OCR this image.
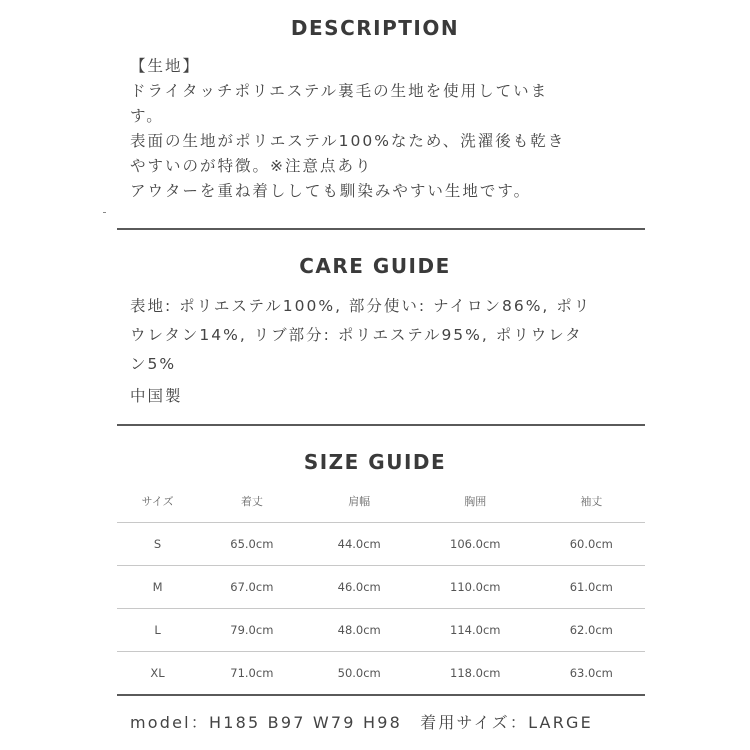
DESCRIPTION
【生地】
ドライタッチポリエステル裏毛の生地を使用していま
す。
表面の生地がポリエステル100%なため、洗濯後も乾き
やすいのが特徴。※注意点あり
アウターを重ね着ししても馴染みやすい生地です。
CARE GUIDE
表地: ポリエステル100%, 部分使い: ナイロン86%, ポリ
ウレタン14%, リブ部分: ポリエステル95%, ポリウレタ
ン5%
中国製
SIZE GUIDE
サイズ	着丈	肩幅	胸囲	袖丈
S	65.0cm	44.0cm	106.0cm	60.0cm
M	67.0cm	46.0cm	110.0cm	61.0cm
L	79.0cm	48.0cm	114.0cm	62.0cm
XL	71.0cm	50.0cm	118.0cm	63.0cm
model：H185 B97 W79 H98　着用サイズ：LARGE
